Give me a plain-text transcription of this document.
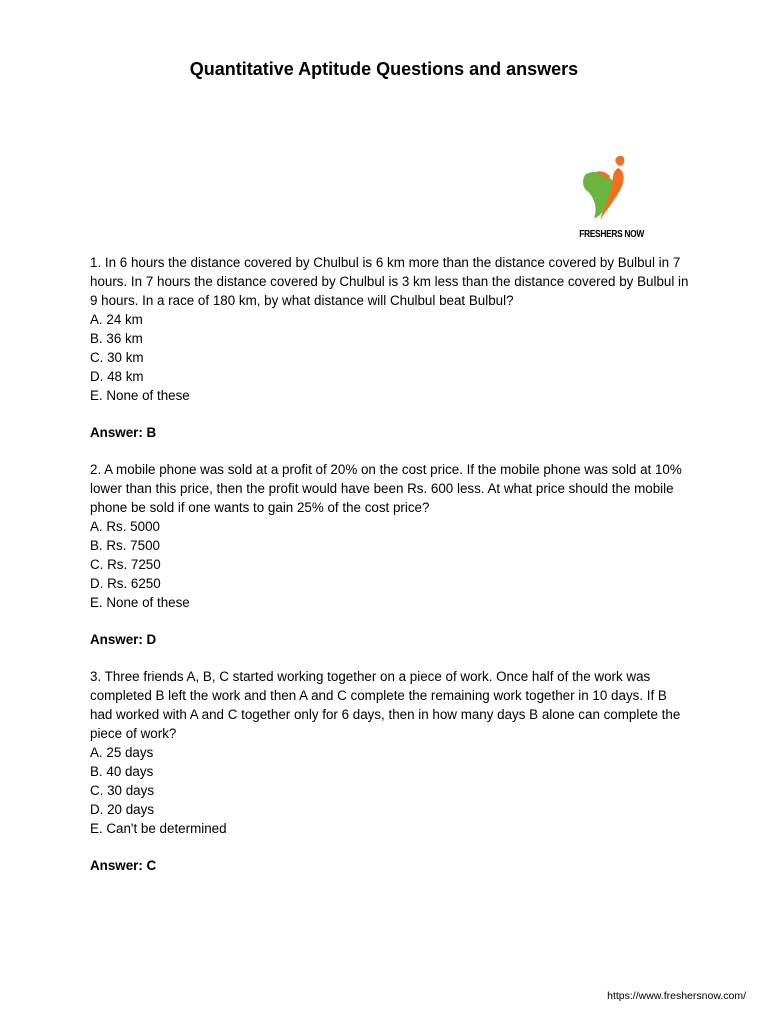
Quantitative Aptitude Questions and answers
FRESHERS NOW

1. In 6 hours the distance covered by Chulbul is 6 km more than the distance covered by Bulbul in 7 hours. In 7 hours the distance covered by Chulbul is 3 km less than the distance covered by Bulbul in 9 hours. In a race of 180 km, by what distance will Chulbul beat Bulbul?

A. 24 km
B. 36 km
C. 30 km
D. 48 km
E. None of these

Answer: B

2. A mobile phone was sold at a profit of 20% on the cost price. If the mobile phone was sold at 10% lower than this price, then the profit would have been Rs. 600 less. At what price should the mobile phone be sold if one wants to gain 25% of the cost price?

A. Rs. 5000
B. Rs. 7500
C. Rs. 7250
D. Rs. 6250
E. None of these

Answer: D

3. Three friends A, B, C started working together on a piece of work. Once half of the work was completed B left the work and then A and C complete the remaining work together in 10 days. If B had worked with A and C together only for 6 days, then in how many days B alone can complete the piece of work?

A. 25 days
B. 40 days
C. 30 days
D. 20 days
E. Can't be determined

Answer: C

https://www.freshersnow.com/
